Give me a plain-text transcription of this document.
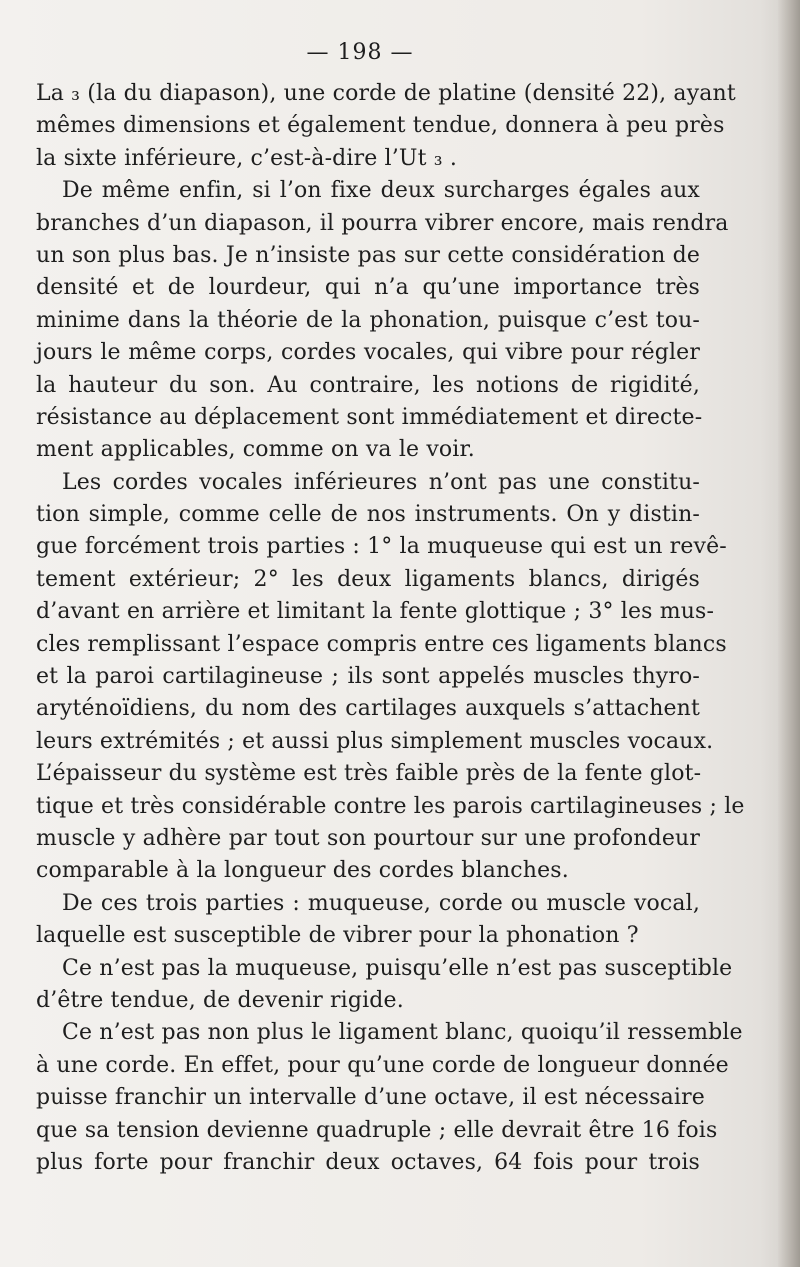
— 198 —
La ₃ (la du diapason), une corde de platine (densité 22), ayant
mêmes dimensions et également tendue, donnera à peu près
la sixte inférieure, c’est-à-dire l’Ut ₃ .
De même enfin, si l’on fixe deux surcharges égales aux
branches d’un diapason, il pourra vibrer encore, mais rendra
un son plus bas. Je n’insiste pas sur cette considération de
densité et de lourdeur, qui n’a qu’une importance très
minime dans la théorie de la phonation, puisque c’est tou-
jours le même corps, cordes vocales, qui vibre pour régler
la hauteur du son. Au contraire, les notions de rigidité,
résistance au déplacement sont immédiatement et directe-
ment applicables, comme on va le voir.
Les cordes vocales inférieures n’ont pas une constitu-
tion simple, comme celle de nos instruments. On y distin-
gue forcément trois parties : 1° la muqueuse qui est un revê-
tement extérieur; 2° les deux ligaments blancs, dirigés
d’avant en arrière et limitant la fente glottique ; 3° les mus-
cles remplissant l’espace compris entre ces ligaments blancs
et la paroi cartilagineuse ; ils sont appelés muscles thyro-
aryténoïdiens, du nom des cartilages auxquels s’attachent
leurs extrémités ; et aussi plus simplement muscles vocaux.
L’épaisseur du système est très faible près de la fente glot-
tique et très considérable contre les parois cartilagineuses ; le
muscle y adhère par tout son pourtour sur une profondeur
comparable à la longueur des cordes blanches.
De ces trois parties : muqueuse, corde ou muscle vocal,
laquelle est susceptible de vibrer pour la phonation ?
Ce n’est pas la muqueuse, puisqu’elle n’est pas susceptible
d’être tendue, de devenir rigide.
Ce n’est pas non plus le ligament blanc, quoiqu’il ressemble
à une corde. En effet, pour qu’une corde de longueur donnée
puisse franchir un intervalle d’une octave, il est nécessaire
que sa tension devienne quadruple ; elle devrait être 16 fois
plus forte pour franchir deux octaves, 64 fois pour trois
